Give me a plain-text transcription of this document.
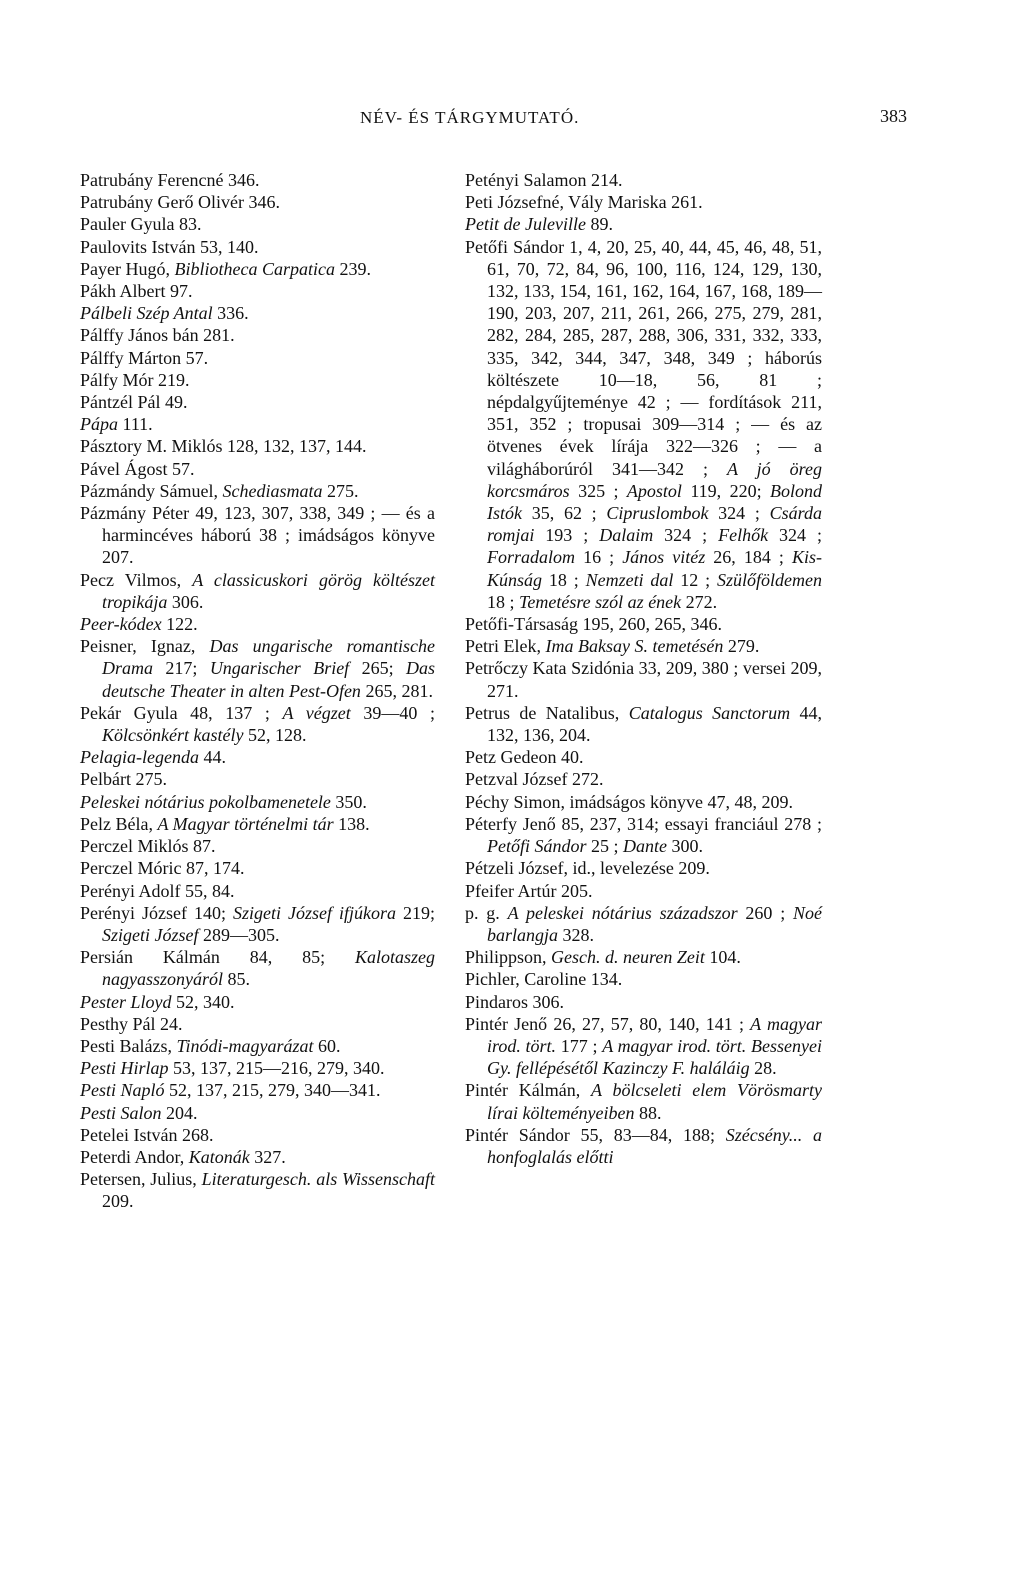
NÉV- ÉS TÁRGYMUTATÓ.	383

Patrubány Ferencné 346.

Patrubány Gerő Olivér 346.

Pauler Gyula 83.

Paulovits István 53, 140.

Payer Hugó, Bibliotheca Carpatica 239.

Pákh Albert 97.

Pálbeli Szép Antal 336.

Pálffy János bán 281.

Pálffy Márton 57.

Pálfy Mór 219.

Pántzél Pál 49.

Pápa 111.

Pásztory M. Miklós 128, 132, 137, 144.

Pável Ágost 57.

Pázmándy Sámuel, Schediasmata 275.

Pázmány Péter 49, 123, 307, 338, 349 ; — és a harmincéves háború 38 ; imádságos könyve 207.

Pecz Vilmos, A classicuskori görög költészet tropikája 306.

Peer-kódex 122.

Peisner, Ignaz, Das ungarische romantische Drama 217; Ungarischer Brief 265; Das deutsche Theater in alten Pest-Ofen 265, 281.

Pekár Gyula 48, 137 ; A végzet 39—40 ; Kölcsönkért kastély 52, 128.

Pelagia-legenda 44.

Pelbárt 275.

Peleskei nótárius pokolbamenetele 350.

Pelz Béla, A Magyar történelmi tár 138.

Perczel Miklós 87.

Perczel Móric 87, 174.

Perényi Adolf 55, 84.

Perényi József 140; Szigeti József ifjúkora 219; Szigeti József 289—305.

Persián Kálmán 84, 85; Kalotaszeg nagyasszonyáról 85.

Pester Lloyd 52, 340.

Pesthy Pál 24.

Pesti Balázs, Tinódi-magyarázat 60.

Pesti Hirlap 53, 137, 215—216, 279, 340.

Pesti Napló 52, 137, 215, 279, 340—341.

Pesti Salon 204.

Petelei István 268.

Peterdi Andor, Katonák 327.

Petersen, Julius, Literaturgesch. als Wissenschaft 209.

Petényi Salamon 214.

Peti Józsefné, Vály Mariska 261.

Petit de Juleville 89.

Petőfi Sándor 1, 4, 20, 25, 40, 44, 45, 46, 48, 51, 61, 70, 72, 84, 96, 100, 116, 124, 129, 130, 132, 133, 154, 161, 162, 164, 167, 168, 189—190, 203, 207, 211, 261, 266, 275, 279, 281, 282, 284, 285, 287, 288, 306, 331, 332, 333, 335, 342, 344, 347, 348, 349 ; háborús költészete 10—18, 56, 81 ; népdalgyűjteménye 42 ; — fordítások 211, 351, 352 ; tropusai 309—314 ; — és az ötvenes évek lírája 322—326 ; — a világháborúról 341—342 ; A jó öreg korcsmáros 325 ; Apostol 119, 220; Bolond Istók 35, 62 ; Cipruslombok 324 ; Csárda romjai 193 ; Dalaim 324 ; Felhők 324 ; Forradalom 16 ; János vitéz 26, 184 ; Kis-Kúnság 18 ; Nemzeti dal 12 ; Szülőföldemen 18 ; Temetésre szól az ének 272.

Petőfi-Társaság 195, 260, 265, 346.

Petri Elek, Ima Baksay S. temetésén 279.

Petrőczy Kata Szidónia 33, 209, 380 ; versei 209, 271.

Petrus de Natalibus, Catalogus Sanctorum 44, 132, 136, 204.

Petz Gedeon 40.

Petzval József 272.

Péchy Simon, imádságos könyve 47, 48, 209.

Péterfy Jenő 85, 237, 314; essayi franciául 278 ; Petőfi Sándor 25 ; Dante 300.

Pétzeli József, id., levelezése 209.

Pfeifer Artúr 205.

p. g. A peleskei nótárius századszor 260 ; Noé barlangja 328.

Philippson, Gesch. d. neuren Zeit 104.

Pichler, Caroline 134.

Pindaros 306.

Pintér Jenő 26, 27, 57, 80, 140, 141 ; A magyar irod. tört. 177 ; A magyar irod. tört. Bessenyei Gy. fellépésétől Kazinczy F. haláláig 28.

Pintér Kálmán, A bölcseleti elem Vörösmarty lírai költeményeiben 88.

Pintér Sándor 55, 83—84, 188; Szécsény... a honfoglalás előtti
